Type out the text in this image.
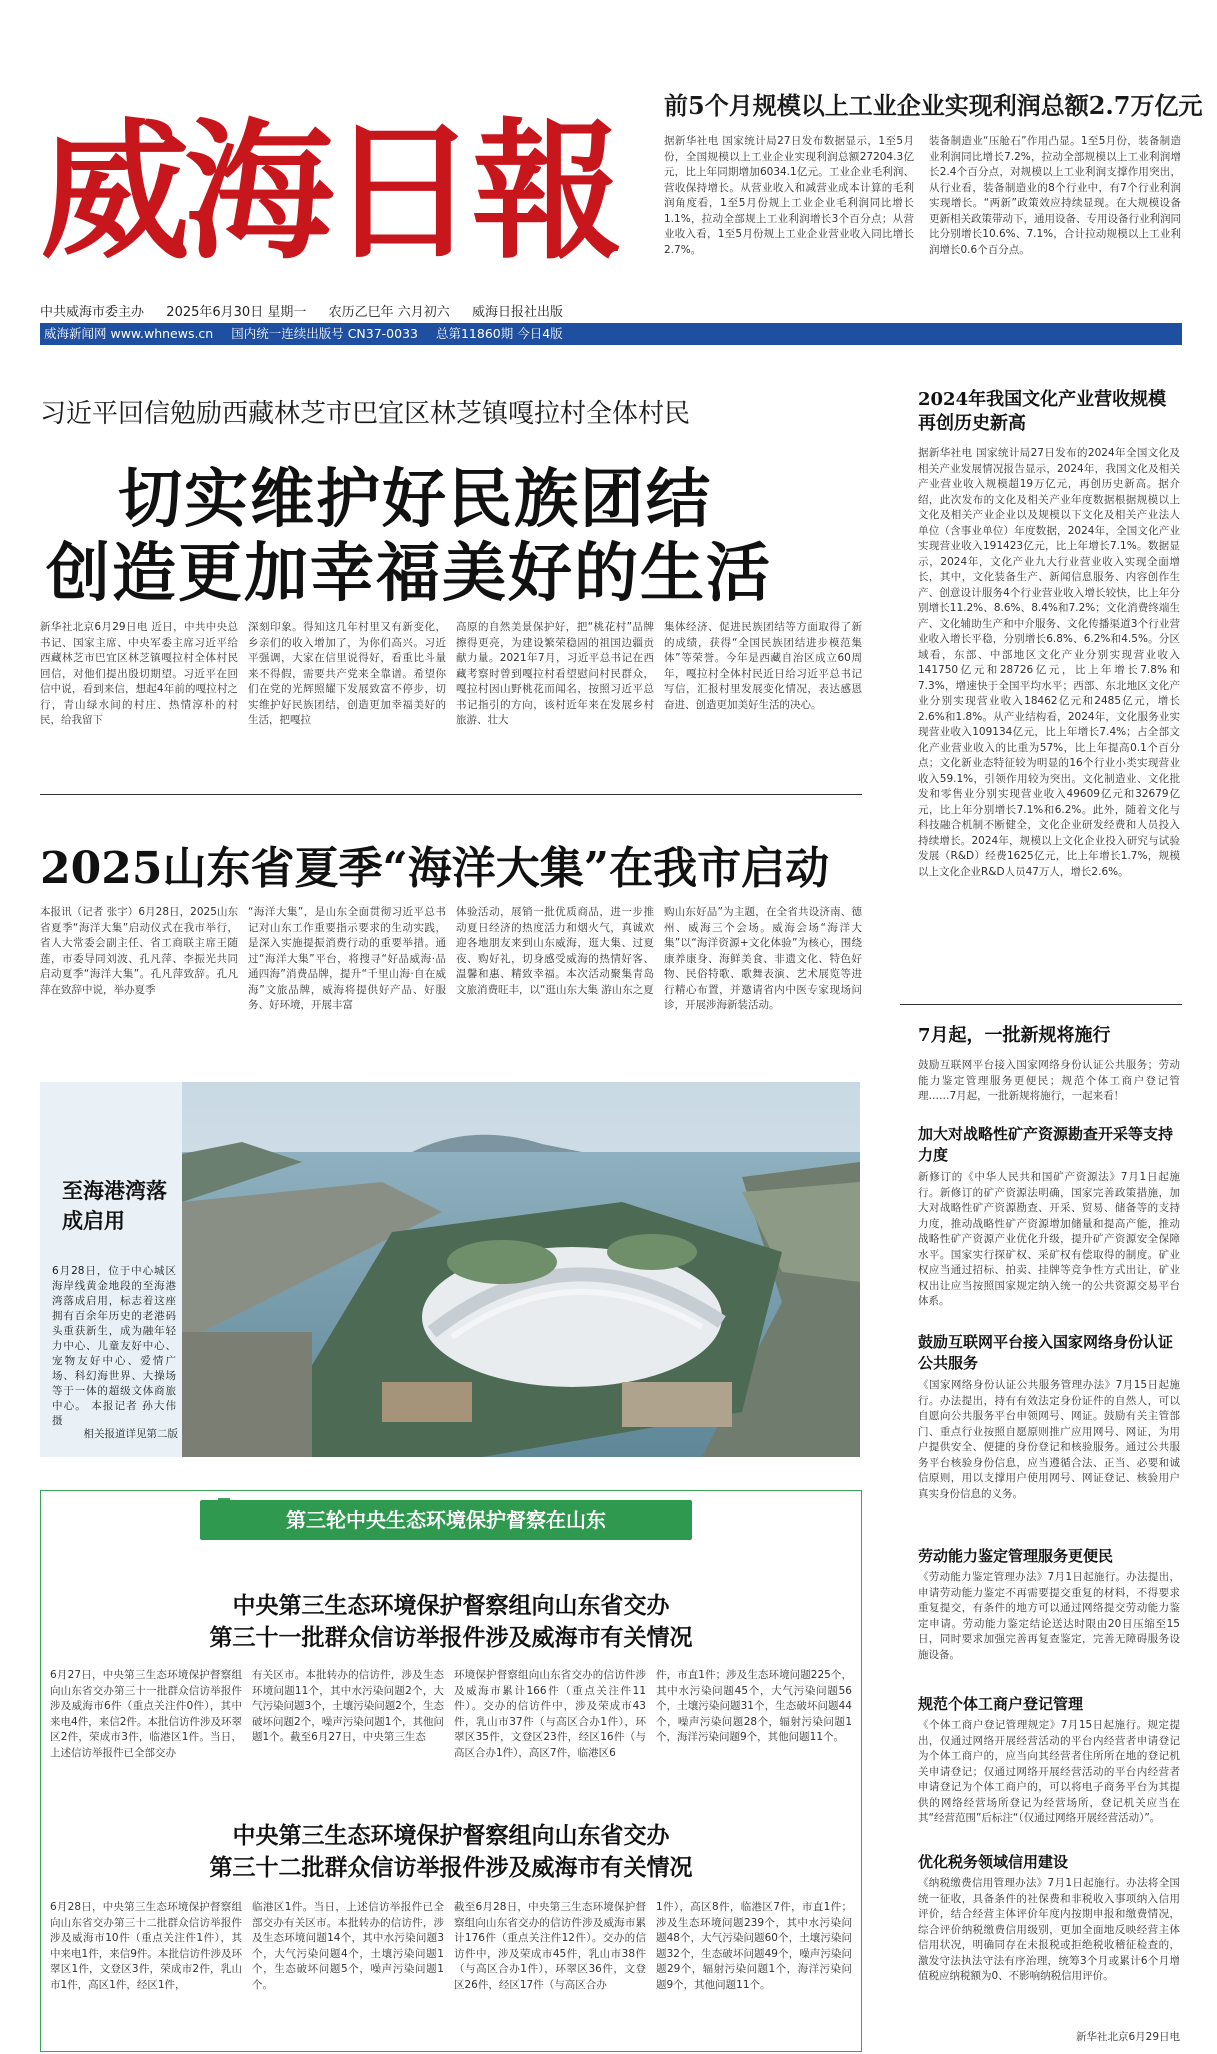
威海日報
中共威海市委主办 2025年6月30日 星期一 农历乙巳年 六月初六 威海日报社出版
威海新闻网 www.whnews.cn 国内统一连续出版号 CN37-0033 总第11860期 今日4版
前5个月规模以上工业企业实现利润总额2.7万亿元
据新华社电 国家统计局27日发布数据显示，1至5月份，全国规模以上工业企业实现利润总额27204.3亿元，比上年同期增加6034.1亿元。工业企业毛利润、营收保持增长。从营业收入和减营业成本计算的毛利润角度看，1至5月份规上工业企业毛利润同比增长1.1%，拉动全部规上工业利润增长3个百分点；从营业收入看，1至5月份规上工业企业营业收入同比增长2.7%。
装备制造业“压舱石”作用凸显。1至5月份，装备制造业利润同比增长7.2%，拉动全部规模以上工业利润增长2.4个百分点，对规模以上工业利润支撑作用突出，从行业看，装备制造业的8个行业中，有7个行业利润实现增长。“两新”政策效应持续显现。在大规模设备更新相关政策带动下，通用设备、专用设备行业利润同比分别增长10.6%、7.1%，合计拉动规模以上工业利润增长0.6个百分点。
习近平回信勉励西藏林芝市巴宜区林芝镇嘎拉村全体村民
切实维护好民族团结
创造更加幸福美好的生活
新华社北京6月29日电 近日，中共中央总书记、国家主席、中央军委主席习近平给西藏林芝市巴宜区林芝镇嘎拉村全体村民回信，对他们提出殷切期望。习近平在回信中说，看到来信，想起4年前的嘎拉村之行，青山绿水间的村庄、热情淳朴的村民，给我留下
深刻印象。得知这几年村里又有新变化，乡亲们的收入增加了，为你们高兴。习近平强调，大家在信里说得好，看重比斗量来不得假，需要共产党来全靠谱。希望你们在党的光辉照耀下发展致富不停步，切实维护好民族团结，创造更加幸福美好的生活，把嘎拉
高原的自然美景保护好，把“桃花村”品牌擦得更亮，为建设繁荣稳固的祖国边疆贡献力量。2021年7月，习近平总书记在西藏考察时曾到嘎拉村看望慰问村民群众，嘎拉村因山野桃花而闻名，按照习近平总书记指引的方向，该村近年来在发展乡村旅游、壮大
集体经济、促进民族团结等方面取得了新的成绩，获得“全国民族团结进步模范集体”等荣誉。今年是西藏自治区成立60周年，嘎拉村全体村民近日给习近平总书记写信，汇报村里发展变化情况，表达感恩奋进、创造更加美好生活的决心。
2025山东省夏季“海洋大集”在我市启动
本报讯（记者 张宇）6月28日，2025山东省夏季“海洋大集”启动仪式在我市举行，省人大常委会副主任、省工商联主席王随莲，市委导同刘波、孔凡萍、李振光共同启动夏季“海洋大集”。孔凡萍致辞。孔凡萍在致辞中说，举办夏季
“海洋大集”，是山东全面贯彻习近平总书记对山东工作重要指示要求的生动实践，是深入实施提振消费行动的重要举措。通过“海洋大集”平台，将搜寻“好品威海·品通四海”消费品牌，提升“千里山海·自在威海”文旅品牌，威海将提供好产品、好服务、好环境，开展丰富
体验活动，展销一批优质商品，进一步推动夏日经济的热度活力和烟火气，真诚欢迎各地朋友来到山东威海，逛大集、过夏夜、购好礼，切身感受威海的热情好客、温馨和惠、精致幸福。本次活动聚集青岛文旅消费旺丰，以“逛山东大集 游山东之夏
购山东好品”为主题，在全省共设济南、德州、威海三个会场。威海会场“海洋大集”以“海洋资源+文化体验”为核心，围绕康养康身、海鲜美食、非遗文化、特色好物、民俗特歌、歌舞表演、艺术展览等进行精心布置，并邀请省内中医专家现场问诊，开展涉海新装活动。
至海港湾落成启用
6月28日，位于中心城区海岸线黄金地段的至海港湾落成启用，标志着这座拥有百余年历史的老港码头重获新生，成为融年轻力中心、儿童友好中心、宠物友好中心、爱情广场、科幻海世界、大操场等于一体的超级文体商旅中心。 本报记者 孙大伟 摄
相关报道详见第二版
第三轮中央生态环境保护督察在山东
中央第三生态环境保护督察组向山东省交办
第三十一批群众信访举报件涉及威海市有关情况
6月27日，中央第三生态环境保护督察组向山东省交办第三十一批群众信访举报件涉及威海市6件（重点关注件0件），其中来电4件，来信2件。本批信访件涉及环翠区2件，荣成市3件，临港区1件。当日，上述信访举报件已全部交办
有关区市。本批转办的信访件，涉及生态环境问题11个，其中水污染问题2个，大气污染问题3个，土壤污染问题2个，生态破坏问题2个，噪声污染问题1个，其他问题1个。截至6月27日，中央第三生态
环境保护督察组向山东省交办的信访件涉及威海市累计166件（重点关注件11件）。交办的信访件中，涉及荣成市43件，乳山市37件（与高区合办1件），环翠区35件，文登区23件，经区16件（与高区合办1件），高区7件，临港区6
件，市直1件；涉及生态环境问题225个，其中水污染问题45个，大气污染问题56个，土壤污染问题31个，生态破坏问题44个，噪声污染问题28个，辐射污染问题1个，海洋污染问题9个，其他问题11个。
中央第三生态环境保护督察组向山东省交办
第三十二批群众信访举报件涉及威海市有关情况
6月28日，中央第三生态环境保护督察组向山东省交办第三十二批群众信访举报件涉及威海市10件（重点关注件1件），其中来电1件，来信9件。本批信访件涉及环翠区1件，文登区3件，荣成市2件，乳山市1件，高区1件，经区1件，
临港区1件。当日，上述信访举报件已全部交办有关区市。本批转办的信访件，涉及生态环境问题14个，其中水污染问题3个，大气污染问题4个，土壤污染问题1个，生态破坏问题5个，噪声污染问题1个。
截至6月28日，中央第三生态环境保护督察组向山东省交办的信访件涉及威海市累计176件（重点关注件12件）。交办的信访件中，涉及荣成市45件，乳山市38件（与高区合办1件），环翠区36件，文登区26件，经区17件（与高区合办
1件），高区8件，临港区7件，市直1件；涉及生态环境问题239个，其中水污染问题48个，大气污染问题60个，土壤污染问题32个，生态破坏问题49个，噪声污染问题29个，辐射污染问题1个，海洋污染问题9个，其他问题11个。
2024年我国文化产业营收规模再创历史新高
据新华社电 国家统计局27日发布的2024年全国文化及相关产业发展情况报告显示，2024年，我国文化及相关产业营业收入规模超19万亿元，再创历史新高。据介绍，此次发布的文化及相关产业年度数据根据规模以上文化及相关产业企业以及规模以下文化及相关产业法人单位（含事业单位）年度数据，2024年，全国文化产业实现营业收入191423亿元，比上年增长7.1%。数据显示，2024年，文化产业九大行业营业收入实现全面增长，其中，文化装备生产、新闻信息服务、内容创作生产、创意设计服务4个行业营业收入增长较快，比上年分别增长11.2%、8.6%、8.4%和7.2%；文化消费终端生产、文化辅助生产和中介服务、文化传播渠道3个行业营业收入增长平稳，分别增长6.8%、6.2%和4.5%。分区域看，东部、中部地区文化产业分别实现营业收入141750亿元和28726亿元，比上年增长7.8%和7.3%，增速快于全国平均水平；西部、东北地区文化产业分别实现营业收入18462亿元和2485亿元，增长2.6%和1.8%。从产业结构看，2024年，文化服务业实现营业收入109134亿元，比上年增长7.4%；占全部文化产业营业收入的比重为57%，比上年提高0.1个百分点；文化新业态特征较为明显的16个行业小类实现营业收入59.1%，引领作用较为突出。文化制造业、文化批发和零售业分别实现营业收入49609亿元和32679亿元，比上年分别增长7.1%和6.2%。此外，随着文化与科技融合机制不断健全，文化企业研发经费和人员投入持续增长。2024年，规模以上文化企业投入研究与试验发展（R&D）经费1625亿元，比上年增长1.7%，规模以上文化企业R&D人员47万人，增长2.6%。
7月起，一批新规将施行
鼓励互联网平台接入国家网络身份认证公共服务；劳动能力鉴定管理服务更便民；规范个体工商户登记管理……7月起，一批新规将施行，一起来看！
加大对战略性矿产资源勘查开采等支持力度
新修订的《中华人民共和国矿产资源法》7月1日起施行。新修订的矿产资源法明确，国家完善政策措施，加大对战略性矿产资源勘查、开采、贸易、储备等的支持力度，推动战略性矿产资源增加储量和提高产能，推动战略性矿产资源产业优化升级，提升矿产资源安全保障水平。国家实行探矿权、采矿权有偿取得的制度。矿业权应当通过招标、拍卖、挂牌等竞争性方式出让，矿业权出让应当按照国家规定纳入统一的公共资源交易平台体系。
鼓励互联网平台接入国家网络身份认证公共服务
《国家网络身份认证公共服务管理办法》7月15日起施行。办法提出，持有有效法定身份证件的自然人，可以自愿向公共服务平台申领网号、网证。鼓励有关主管部门、重点行业按照自愿原则推广应用网号、网证，为用户提供安全、便捷的身份登记和核验服务。通过公共服务平台核验身份信息，应当遵循合法、正当、必要和诚信原则，用以支撑用户使用网号、网证登记、核验用户真实身份信息的义务。
劳动能力鉴定管理服务更便民
《劳动能力鉴定管理办法》7月1日起施行。办法提出，申请劳动能力鉴定不再需要提交重复的材料，不得要求重复提交，有条件的地方可以通过网络提交劳动能力鉴定申请。劳动能力鉴定结论送达时限由20日压缩至15日，同时要求加强完善再复查鉴定，完善无障碍服务设施设备。
规范个体工商户登记管理
《个体工商户登记管理规定》7月15日起施行。规定提出，仅通过网络开展经营活动的平台内经营者申请登记为个体工商户的，应当向其经营者住所所在地的登记机关申请登记；仅通过网络开展经营活动的平台内经营者申请登记为个体工商户的，可以将电子商务平台为其提供的网络经营场所登记为经营场所，登记机关应当在其“经营范围”后标注“（仅通过网络开展经营活动）”。
优化税务领域信用建设
《纳税缴费信用管理办法》7月1日起施行。办法将全国统一征收，具备条件的社保费和非税收入事项纳入信用评价，结合经营主体评价年度内按期申报和缴费情况，综合评价纳税缴费信用级别，更加全面地反映经营主体信用状况，明确同存在未报税或拒绝税收稽征检查的，激发守法执法守法有序治理，统筹3个月或累计6个月增值税应纳税额为0、不影响纳税信用评价。
新华社北京6月29日电
